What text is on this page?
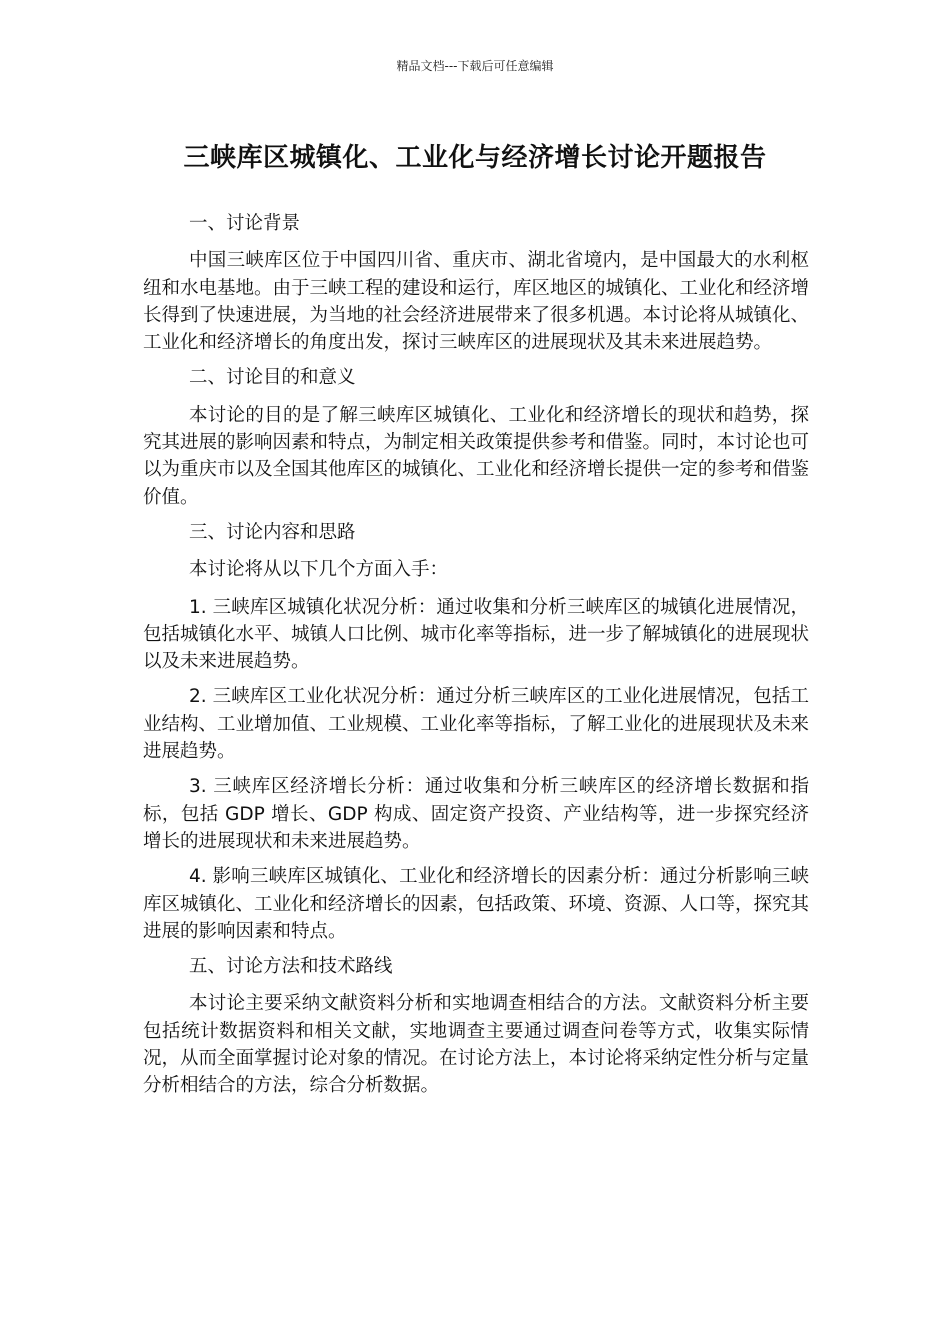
精品文档---下载后可任意编辑
三峡库区城镇化、工业化与经济增长讨论开题报告

一、讨论背景

中国三峡库区位于中国四川省、重庆市、湖北省境内，是中国最大的水利枢纽和水电基地。由于三峡工程的建设和运行，库区地区的城镇化、工业化和经济增长得到了快速进展，为当地的社会经济进展带来了很多机遇。本讨论将从城镇化、工业化和经济增长的角度出发，探讨三峡库区的进展现状及其未来进展趋势。

二、讨论目的和意义

本讨论的目的是了解三峡库区城镇化、工业化和经济增长的现状和趋势，探究其进展的影响因素和特点，为制定相关政策提供参考和借鉴。同时，本讨论也可以为重庆市以及全国其他库区的城镇化、工业化和经济增长提供一定的参考和借鉴价值。

三、讨论内容和思路

本讨论将从以下几个方面入手：

1. 三峡库区城镇化状况分析：通过收集和分析三峡库区的城镇化进展情况，包括城镇化水平、城镇人口比例、城市化率等指标，进一步了解城镇化的进展现状以及未来进展趋势。

2. 三峡库区工业化状况分析：通过分析三峡库区的工业化进展情况，包括工业结构、工业增加值、工业规模、工业化率等指标，了解工业化的进展现状及未来进展趋势。

3. 三峡库区经济增长分析：通过收集和分析三峡库区的经济增长数据和指标，包括 GDP 增长、GDP 构成、固定资产投资、产业结构等，进一步探究经济增长的进展现状和未来进展趋势。

4. 影响三峡库区城镇化、工业化和经济增长的因素分析：通过分析影响三峡库区城镇化、工业化和经济增长的因素，包括政策、环境、资源、人口等，探究其进展的影响因素和特点。

五、讨论方法和技术路线

本讨论主要采纳文献资料分析和实地调查相结合的方法。文献资料分析主要包括统计数据资料和相关文献，实地调查主要通过调查问卷等方式，收集实际情况，从而全面掌握讨论对象的情况。在讨论方法上，本讨论将采纳定性分析与定量分析相结合的方法，综合分析数据。
